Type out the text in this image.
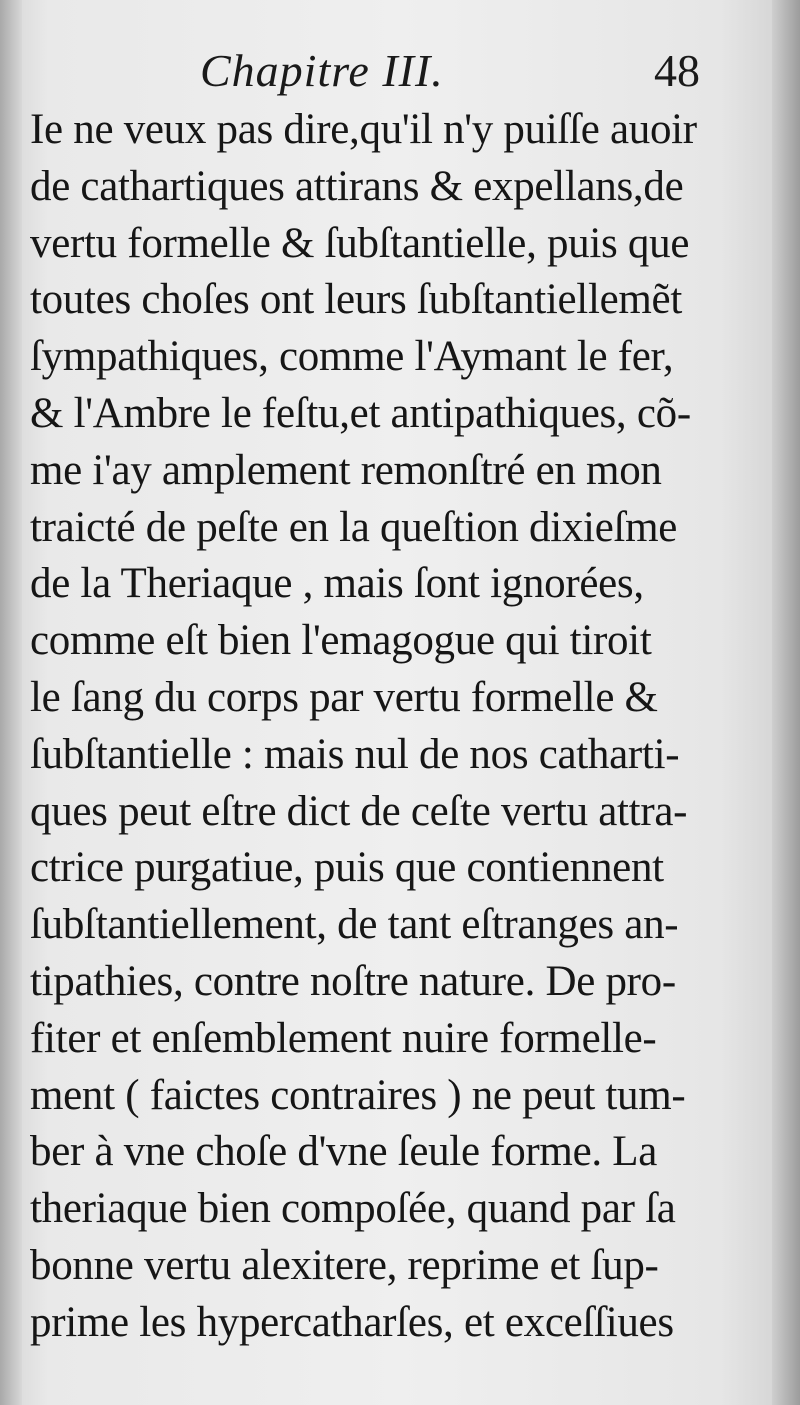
Chapitre III.	48
Ie ne veux pas dire,qu'il n'y puiſſe auoir
de cathartiques attirans & expellans,de
vertu formelle & ſubſtantielle, puis que
toutes choſes ont leurs ſubſtantiellemẽt
ſympathiques, comme l'Aymant le fer,
& l'Ambre le feſtu,et antipathiques, cõ-
me i'ay amplement remonſtré en mon
traicté de peſte en la queſtion dixieſme
de la Theriaque , mais ſont ignorées,
comme eſt bien l'emagogue qui tiroit
le ſang du corps par vertu formelle &
ſubſtantielle : mais nul de nos catharti-
ques peut eſtre dict de ceſte vertu attra-
ctrice purgatiue, puis que contiennent
ſubſtantiellement, de tant eſtranges an-
tipathies, contre noſtre nature. De pro-
fiter et enſemblement nuire formelle-
ment ( faictes contraires ) ne peut tum-
ber à vne choſe d'vne ſeule forme. La
theriaque bien compoſée, quand par ſa
bonne vertu alexitere, reprime et ſup-
prime les hypercatharſes, et exceſſiues
